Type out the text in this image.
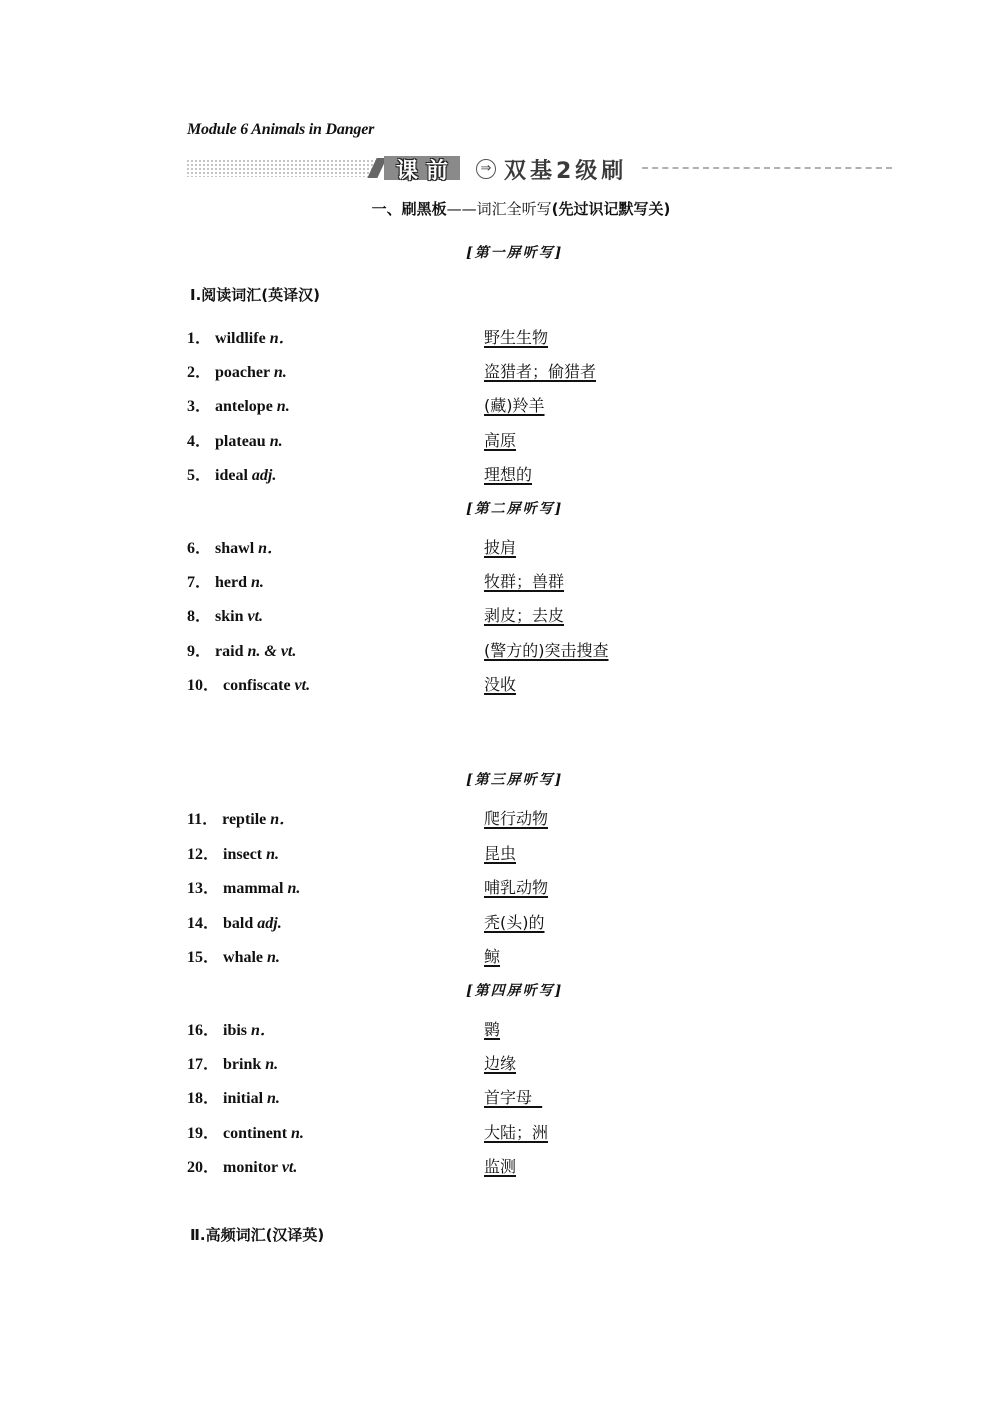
Module 6 Animals in Danger
课前	⇒ 双基2级刷
一、刷黑板——词汇全听写(先过识记默写关)
[第一屏听写]
Ⅰ.阅读词汇(英译汉)
1． wildlife n．	野生生物
2． poacher n.	盗猎者；偷猎者
3． antelope n.	(藏)羚羊
4． plateau n.	高原
5． ideal adj.	理想的
[第二屏听写]
6． shawl n．	披肩
7． herd n.	牧群；兽群
8． skin vt.	剥皮；去皮
9． raid n. & vt.	(警方的)突击搜查
10． confiscate vt.	没收
[第三屏听写]
11． reptile n．	爬行动物
12． insect n.	昆虫
13． mammal n.	哺乳动物
14． bald adj.	秃(头)的
15． whale n.	鲸
[第四屏听写]
16． ibis n．	鹮
17． brink n.	边缘
18． initial n.	首字母
19． continent n.	大陆；洲
20． monitor vt.	监测
Ⅱ.高频词汇(汉译英)
